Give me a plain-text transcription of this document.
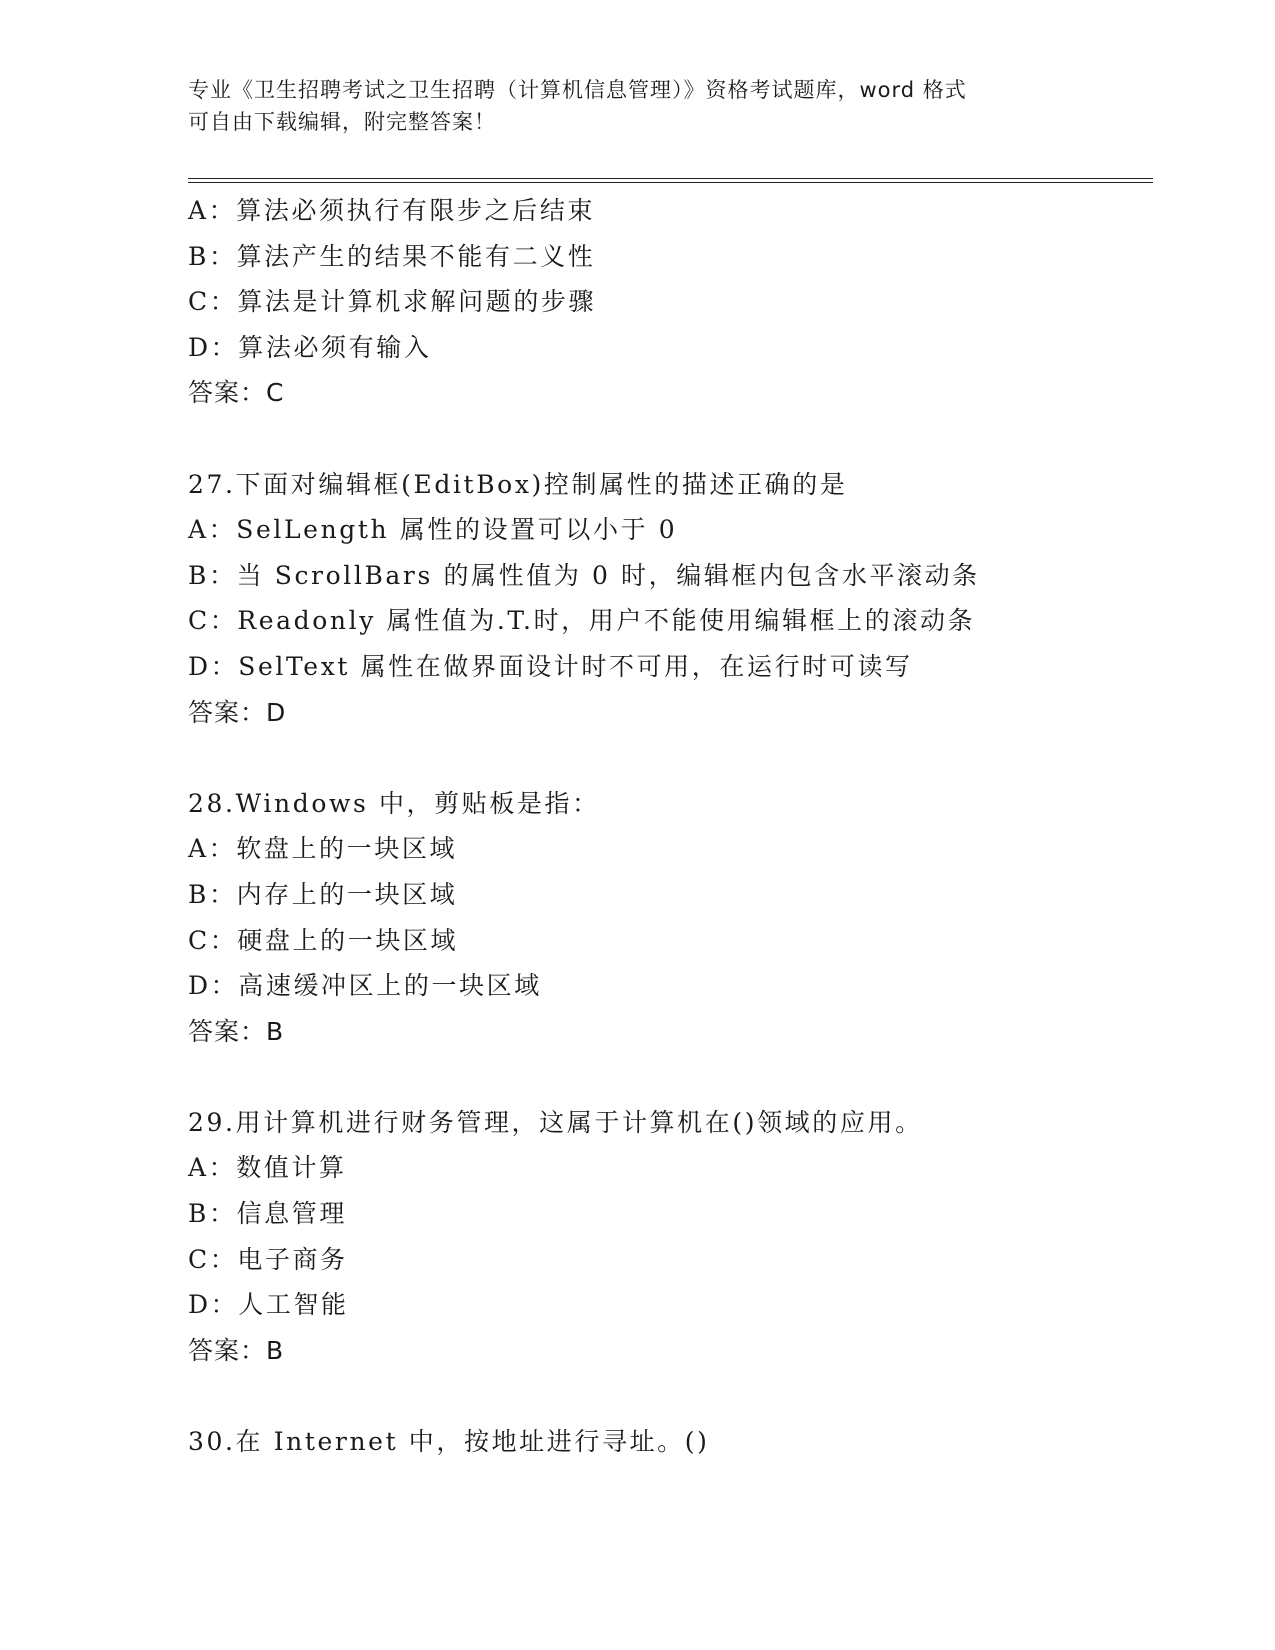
专业《卫生招聘考试之卫生招聘（计算机信息管理）》资格考试题库，word 格式
可自由下载编辑，附完整答案！
A：算法必须执行有限步之后结束
B：算法产生的结果不能有二义性
C：算法是计算机求解问题的步骤
D：算法必须有输入
答案：C
27.下面对编辑框(EditBox)控制属性的描述正确的是
A：SelLength 属性的设置可以小于 0
B：当 ScrollBars 的属性值为 0 时，编辑框内包含水平滚动条
C：Readonly 属性值为.T.时，用户不能使用编辑框上的滚动条
D：SelText 属性在做界面设计时不可用，在运行时可读写
答案：D
28.Windows 中，剪贴板是指：
A：软盘上的一块区域
B：内存上的一块区域
C：硬盘上的一块区域
D：高速缓冲区上的一块区域
答案：B
29.用计算机进行财务管理，这属于计算机在()领域的应用。
A：数值计算
B：信息管理
C：电子商务
D：人工智能
答案：B
30.在 Internet 中，按地址进行寻址。()
